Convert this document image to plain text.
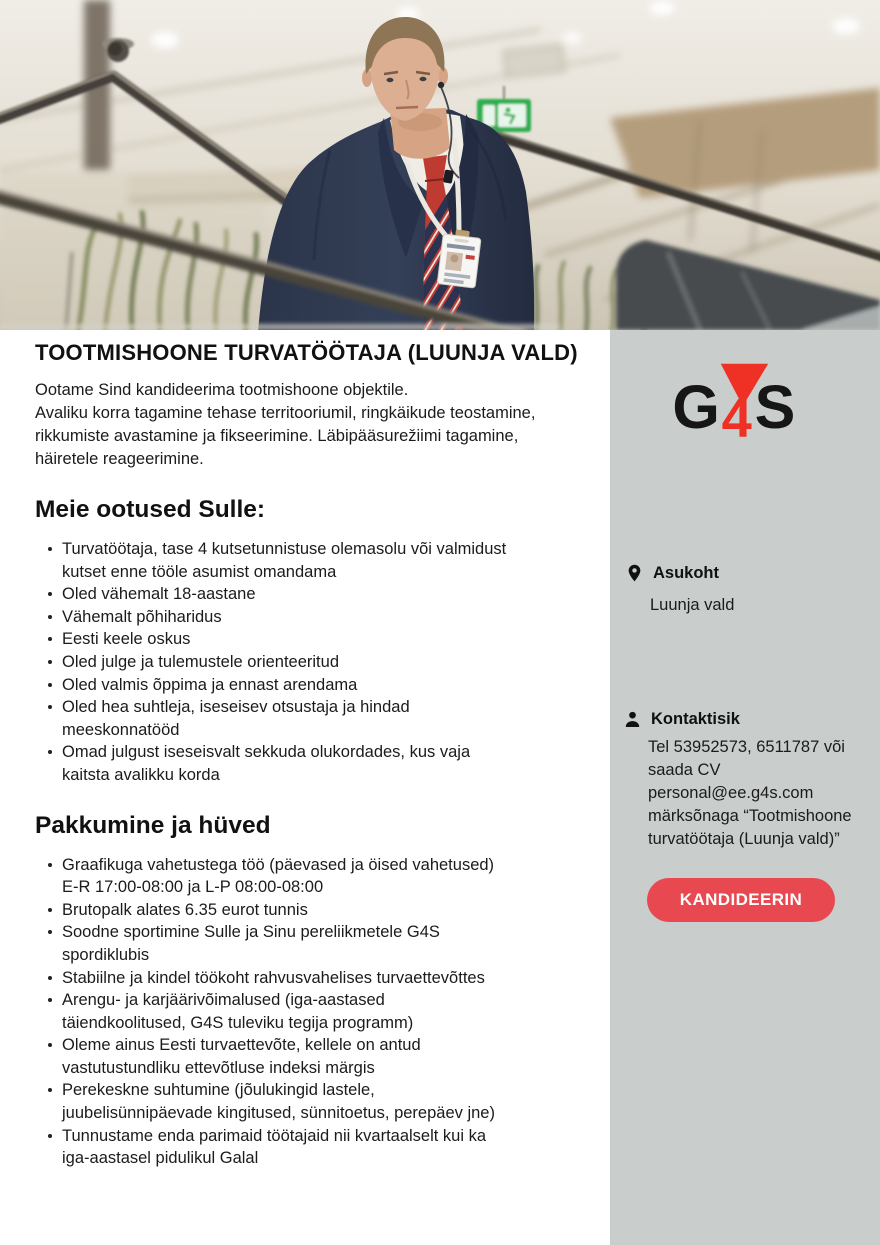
TOOTMISHOONE TURVATÖÖTAJA (LUUNJA VALD)
Ootame Sind kandideerima tootmishoone objektile.
Avaliku korra tagamine tehase territooriumil, ringkäikude teostamine, rikkumiste avastamine ja fikseerimine. Läbipääsurežiimi tagamine, häiretele reageerimine.
Meie ootused Sulle:
Turvatöötaja, tase 4 kutsetunnistuse olemasolu või valmidust kutset enne tööle asumist omandama
Oled vähemalt 18-aastane
Vähemalt põhiharidus
Eesti keele oskus
Oled julge ja tulemustele orienteeritud
Oled valmis õppima ja ennast arendama
Oled hea suhtleja, iseseisev otsustaja ja hindad meeskonnatööd
Omad julgust iseseisvalt sekkuda olukordades, kus vaja kaitsta avalikku korda
Pakkumine ja hüved
Graafikuga vahetustega töö (päevased ja öised vahetused) E-R 17:00-08:00 ja L-P 08:00-08:00
Brutopalk alates 6.35 eurot tunnis
Soodne sportimine Sulle ja Sinu pereliikmetele G4S spordiklubis
Stabiilne ja kindel töökoht rahvusvahelises turvaettevõttes
Arengu- ja karjäärivõimalused (iga-aastased täiendkoolitused, G4S tuleviku tegija programm)
Oleme ainus Eesti turvaettevõte, kellele on antud vastutustundliku ettevõtluse indeksi märgis
Perekeskne suhtumine (jõulukingid lastele, juubelisünnipäevade kingitused, sünnitoetus, perepäev jne)
Tunnustame enda parimaid töötajaid nii kvartaalselt kui ka iga-aastasel pidulikul Galal
G S
4
Asukoht
Luunja vald
Kontaktisik
Tel 53952573, 6511787 või saada CV personal@ee.g4s.com märksõnaga “Tootmishoone turvatöötaja (Luunja vald)”
KANDIDEERIN
